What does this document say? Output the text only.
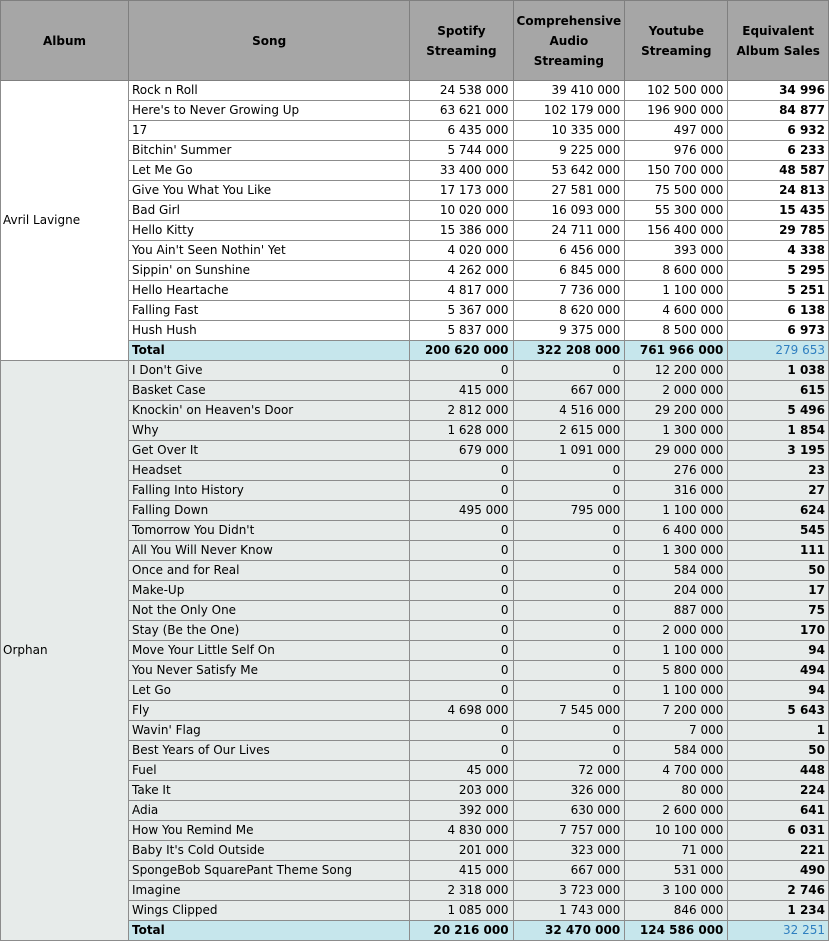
Album	Song	Spotify Streaming	Comprehensive Audio Streaming	Youtube Streaming	Equivalent Album Sales
Avril Lavigne	Rock n Roll	24 538 000	39 410 000	102 500 000	34 996
	Here's to Never Growing Up	63 621 000	102 179 000	196 900 000	84 877
	17	6 435 000	10 335 000	497 000	6 932
	Bitchin' Summer	5 744 000	9 225 000	976 000	6 233
	Let Me Go	33 400 000	53 642 000	150 700 000	48 587
	Give You What You Like	17 173 000	27 581 000	75 500 000	24 813
	Bad Girl	10 020 000	16 093 000	55 300 000	15 435
	Hello Kitty	15 386 000	24 711 000	156 400 000	29 785
	You Ain't Seen Nothin' Yet	4 020 000	6 456 000	393 000	4 338
	Sippin' on Sunshine	4 262 000	6 845 000	8 600 000	5 295
	Hello Heartache	4 817 000	7 736 000	1 100 000	5 251
	Falling Fast	5 367 000	8 620 000	4 600 000	6 138
	Hush Hush	5 837 000	9 375 000	8 500 000	6 973
	Total	200 620 000	322 208 000	761 966 000	279 653
Orphan	I Don't Give	0	0	12 200 000	1 038
	Basket Case	415 000	667 000	2 000 000	615
	Knockin' on Heaven's Door	2 812 000	4 516 000	29 200 000	5 496
	Why	1 628 000	2 615 000	1 300 000	1 854
	Get Over It	679 000	1 091 000	29 000 000	3 195
	Headset	0	0	276 000	23
	Falling Into History	0	0	316 000	27
	Falling Down	495 000	795 000	1 100 000	624
	Tomorrow You Didn't	0	0	6 400 000	545
	All You Will Never Know	0	0	1 300 000	111
	Once and for Real	0	0	584 000	50
	Make-Up	0	0	204 000	17
	Not the Only One	0	0	887 000	75
	Stay (Be the One)	0	0	2 000 000	170
	Move Your Little Self On	0	0	1 100 000	94
	You Never Satisfy Me	0	0	5 800 000	494
	Let Go	0	0	1 100 000	94
	Fly	4 698 000	7 545 000	7 200 000	5 643
	Wavin' Flag	0	0	7 000	1
	Best Years of Our Lives	0	0	584 000	50
	Fuel	45 000	72 000	4 700 000	448
	Take It	203 000	326 000	80 000	224
	Adia	392 000	630 000	2 600 000	641
	How You Remind Me	4 830 000	7 757 000	10 100 000	6 031
	Baby It's Cold Outside	201 000	323 000	71 000	221
	SpongeBob SquarePant Theme Song	415 000	667 000	531 000	490
	Imagine	2 318 000	3 723 000	3 100 000	2 746
	Wings Clipped	1 085 000	1 743 000	846 000	1 234
	Total	20 216 000	32 470 000	124 586 000	32 251
